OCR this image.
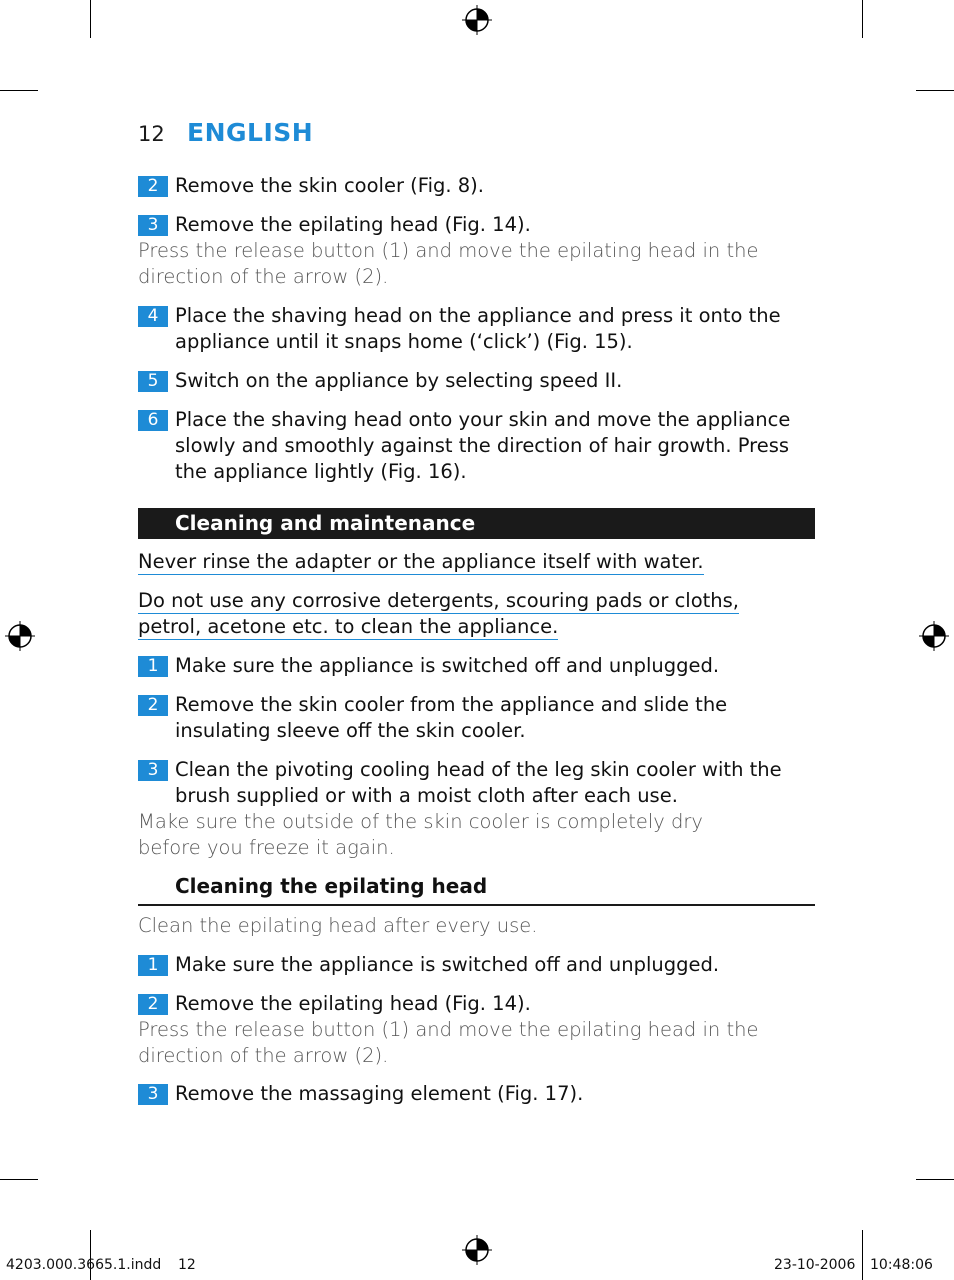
12 ENGLISH
2 Remove the skin cooler (Fig. 8).
3 Remove the epilating head (Fig. 14).
Press the release button (1) and move the epilating head in the direction of the arrow (2).
4 Place the shaving head on the appliance and press it onto the appliance until it snaps home (‘click’) (Fig. 15).
5 Switch on the appliance by selecting speed II.
6 Place the shaving head onto your skin and move the appliance slowly and smoothly against the direction of hair growth. Press the appliance lightly (Fig. 16).
Cleaning and maintenance
Never rinse the adapter or the appliance itself with water.
Do not use any corrosive detergents, scouring pads or cloths, petrol, acetone etc. to clean the appliance.
1 Make sure the appliance is switched off and unplugged.
2 Remove the skin cooler from the appliance and slide the insulating sleeve off the skin cooler.
3 Clean the pivoting cooling head of the leg skin cooler with the brush supplied or with a moist cloth after each use.
Make sure the outside of the skin cooler is completely dry before you freeze it again.
Cleaning the epilating head
Clean the epilating head after every use.
1 Make sure the appliance is switched off and unplugged.
2 Remove the epilating head (Fig. 14).
Press the release button (1) and move the epilating head in the direction of the arrow (2).
3 Remove the massaging element (Fig. 17).
4203.000.3665.1.indd 12	23-10-2006 10:48:06
